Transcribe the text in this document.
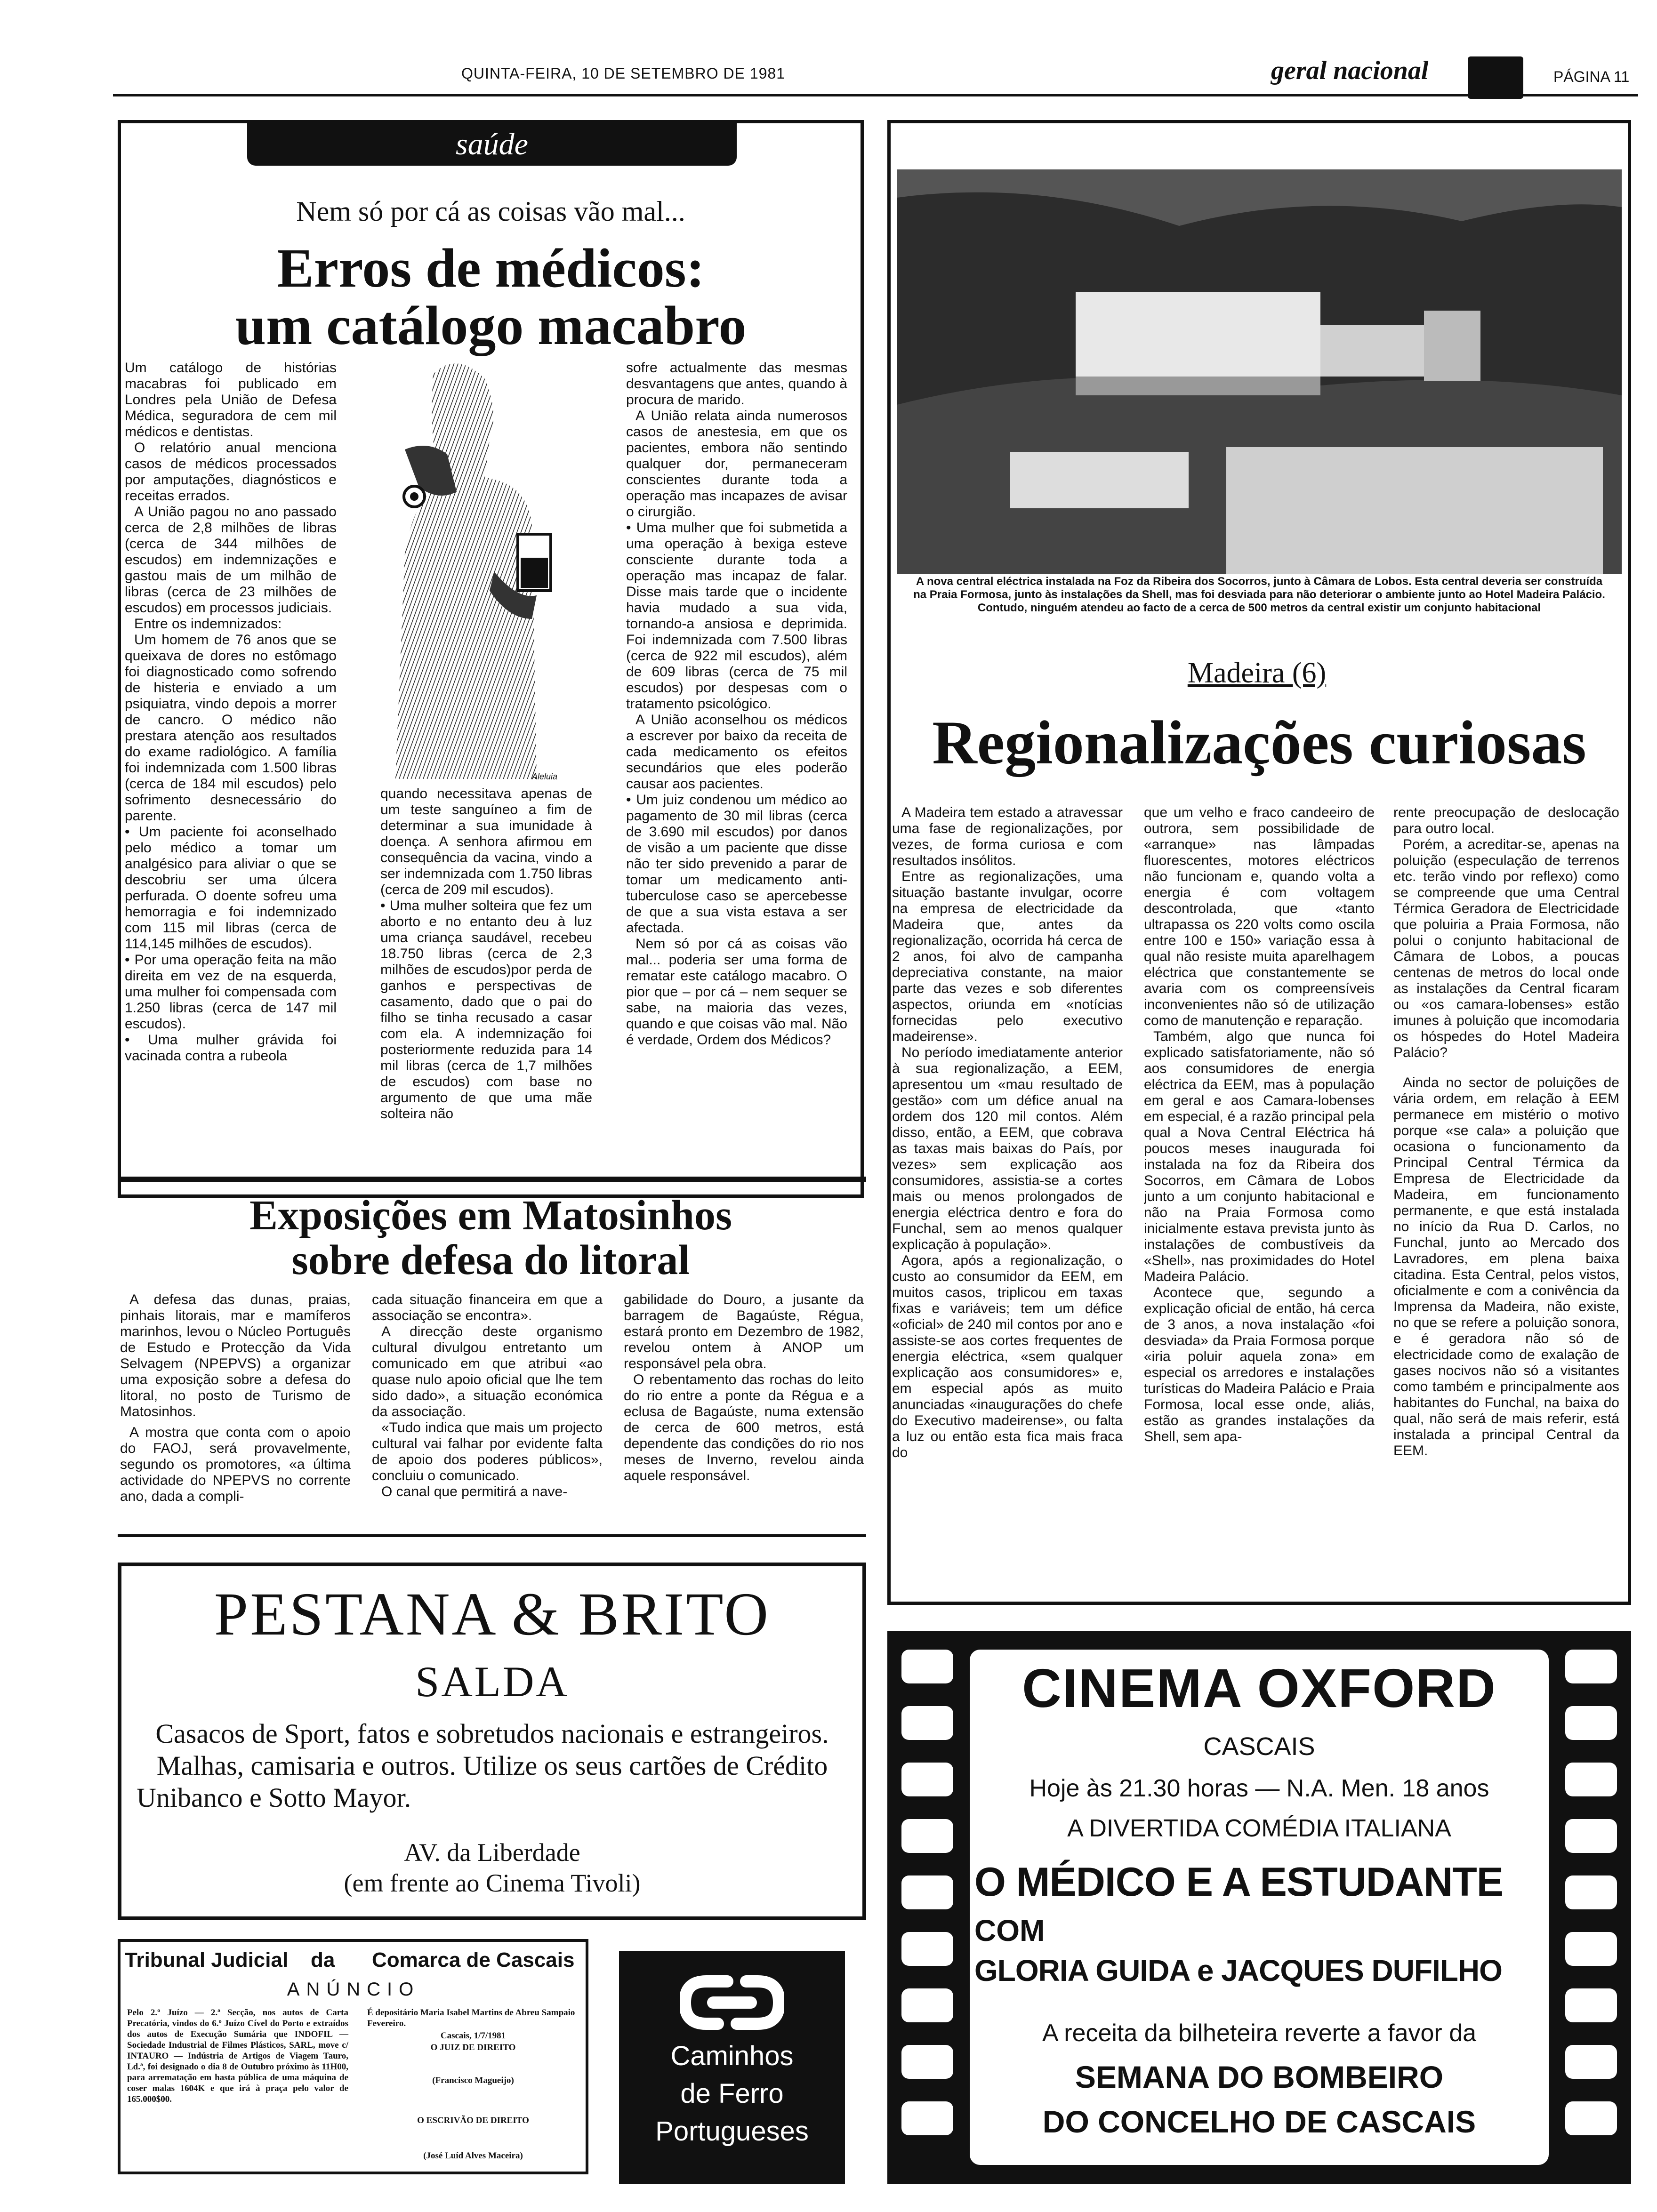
QUINTA-FEIRA, 10 DE SETEMBRO DE 1981	geral nacional	PÁGINA 11
saúde
Nem só por cá as coisas vão mal...
Erros de médicos:
um catálogo macabro

Um catálogo de histórias macabras foi publicado em Londres pela União de Defesa Médica, seguradora de cem mil médicos e dentistas.

O relatório anual menciona casos de médicos processados por amputações, diagnósticos e receitas errados.

A União pagou no ano passado cerca de 2,8 milhões de libras (cerca de 344 milhões de escudos) em indemnizações e gastou mais de um milhão de libras (cerca de 23 milhões de escudos) em processos judiciais.

Entre os indemnizados:

Um homem de 76 anos que se queixava de dores no estômago foi diagnosticado como sofrendo de histeria e enviado a um psiquiatra, vindo depois a morrer de cancro. O médico não prestara atenção aos resultados do exame radiológico. A família foi indemnizada com 1.500 libras (cerca de 184 mil escudos) pelo sofrimento desnecessário do parente.

• Um paciente foi aconselhado pelo médico a tomar um analgésico para aliviar o que se descobriu ser uma úlcera perfurada. O doente sofreu uma hemorragia e foi indemnizado com 115 mil libras (cerca de 114,145 milhões de escudos).

• Por uma operação feita na mão direita em vez de na esquerda, uma mulher foi compensada com 1.250 libras (cerca de 147 mil escudos).

• Uma mulher grávida foi vacinada contra a rubeola

Aleluia

quando necessitava apenas de um teste sanguíneo a fim de determinar a sua imunidade à doença. A senhora afirmou em consequência da vacina, vindo a ser indemnizada com 1.750 libras (cerca de 209 mil escudos).

• Uma mulher solteira que fez um aborto e no entanto deu à luz uma criança saudável, recebeu 18.750 libras (cerca de 2,3 milhões de escudos)por perda de ganhos e perspectivas de casamento, dado que o pai do filho se tinha recusado a casar com ela. A indemnização foi posteriormente reduzida para 14 mil libras (cerca de 1,7 milhões de escudos) com base no argumento de que uma mãe solteira não

sofre actualmente das mesmas desvantagens que antes, quando à procura de marido.

A União relata ainda numerosos casos de anestesia, em que os pacientes, embora não sentindo qualquer dor, permaneceram conscientes durante toda a operação mas incapazes de avisar o cirurgião.

• Uma mulher que foi submetida a uma operação à bexiga esteve consciente durante toda a operação mas incapaz de falar. Disse mais tarde que o incidente havia mudado a sua vida, tornando-a ansiosa e deprimida. Foi indemnizada com 7.500 libras (cerca de 922 mil escudos), além de 609 libras (cerca de 75 mil escudos) por despesas com o tratamento psicológico.

A União aconselhou os médicos a escrever por baixo da receita de cada medicamento os efeitos secundários que eles poderão causar aos pacientes.

• Um juiz condenou um médico ao pagamento de 30 mil libras (cerca de 3.690 mil escudos) por danos de visão a um paciente que disse não ter sido prevenido a parar de tomar um medicamento anti-tuberculose caso se apercebesse de que a sua vista estava a ser afectada.

Nem só por cá as coisas vão mal... poderia ser uma forma de rematar este catálogo macabro. O pior que – por cá – nem sequer se sabe, na maioria das vezes, quando e que coisas vão mal. Não é verdade, Ordem dos Médicos?

Exposições em Matosinhos
sobre defesa do litoral

A defesa das dunas, praias, pinhais litorais, mar e mamíferos marinhos, levou o Núcleo Português de Estudo e Protecção da Vida Selvagem (NPEPVS) a organizar uma exposição sobre a defesa do litoral, no posto de Turismo de Matosinhos.

A mostra que conta com o apoio do FAOJ, será provavelmente, segundo os promotores, «a última actividade do NPEPVS no corrente ano, dada a compli-

cada situação financeira em que a associação se encontra».

A direcção deste organismo cultural divulgou entretanto um comunicado em que atribui «ao quase nulo apoio oficial que lhe tem sido dado», a situação económica da associação.

«Tudo indica que mais um projecto cultural vai falhar por evidente falta de apoio dos poderes públicos», concluiu o comunicado.

O canal que permitirá a nave-

gabilidade do Douro, a jusante da barragem de Bagaúste, Régua, estará pronto em Dezembro de 1982, revelou ontem à ANOP um responsável pela obra.

O rebentamento das rochas do leito do rio entre a ponte da Régua e a eclusa de Bagaúste, numa extensão de cerca de 600 metros, está dependente das condições do rio nos meses de Inverno, revelou ainda aquele responsável.

A nova central eléctrica instalada na Foz da Ribeira dos Socorros, junto à Câmara de Lobos. Esta central deveria ser construída na Praia Formosa, junto às instalações da Shell, mas foi desviada para não deteriorar o ambiente junto ao Hotel Madeira Palácio. Contudo, ninguém atendeu ao facto de a cerca de 500 metros da central existir um conjunto habitacional
Madeira (6)
Regionalizações curiosas

A Madeira tem estado a atravessar uma fase de regionalizações, por vezes, de forma curiosa e com resultados insólitos.

Entre as regionalizações, uma situação bastante invulgar, ocorre na empresa de electricidade da Madeira que, antes da regionalização, ocorrida há cerca de 2 anos, foi alvo de campanha depreciativa constante, na maior parte das vezes e sob diferentes aspectos, oriunda em «notícias fornecidas pelo executivo madeirense».

No período imediatamente anterior à sua regionalização, a EEM, apresentou um «mau resultado de gestão» com um défice anual na ordem dos 120 mil contos. Além disso, então, a EEM, que cobrava as taxas mais baixas do País, por vezes» sem explicação aos consumidores, assistia-se a cortes mais ou menos prolongados de energia eléctrica dentro e fora do Funchal, sem ao menos qualquer explicação à população».

Agora, após a regionalização, o custo ao consumidor da EEM, em muitos casos, triplicou em taxas fixas e variáveis; tem um défice «oficial» de 240 mil contos por ano e assiste-se aos cortes frequentes de energia eléctrica, «sem qualquer explicação aos consumidores» e, em especial após as muito anunciadas «inaugurações do chefe do Executivo madeirense», ou falta a luz ou então esta fica mais fraca do

que um velho e fraco candeeiro de outrora, sem possibilidade de «arranque» nas lâmpadas fluorescentes, motores eléctricos não funcionam e, quando volta a energia é com voltagem descontrolada, que «tanto ultrapassa os 220 volts como oscila entre 100 e 150» variação essa à qual não resiste muita aparelhagem eléctrica que constantemente se avaria com os compreensíveis inconvenientes não só de utilização como de manutenção e reparação.

Também, algo que nunca foi explicado satisfatoriamente, não só aos consumidores de energia eléctrica da EEM, mas à população em geral e aos Camara-lobenses em especial, é a razão principal pela qual a Nova Central Eléctrica há poucos meses inaugurada foi instalada na foz da Ribeira dos Socorros, em Câmara de Lobos junto a um conjunto habitacional e não na Praia Formosa como inicialmente estava prevista junto às instalações de combustíveis da «Shell», nas proximidades do Hotel Madeira Palácio.

Acontece que, segundo a explicação oficial de então, há cerca de 3 anos, a nova instalação «foi desviada» da Praia Formosa porque «iria poluir aquela zona» em especial os arredores e instalações turísticas do Madeira Palácio e Praia Formosa, local esse onde, aliás, estão as grandes instalações da Shell, sem apa-

rente preocupação de deslocação para outro local.

Porém, a acreditar-se, apenas na poluição (especulação de terrenos etc. terão vindo por reflexo) como se compreende que uma Central Térmica Geradora de Electricidade que poluiria a Praia Formosa, não polui o conjunto habitacional de Câmara de Lobos, a poucas centenas de metros do local onde as instalações da Central ficaram ou «os camara-lobenses» estão imunes à poluição que incomodaria os hóspedes do Hotel Madeira Palácio?

Ainda no sector de poluições de vária ordem, em relação à EEM permanece em mistério o motivo porque «se cala» a poluição que ocasiona o funcionamento da Principal Central Térmica da Empresa de Electricidade da Madeira, em funcionamento permanente, e que está instalada no início da Rua D. Carlos, no Funchal, junto ao Mercado dos Lavradores, em plena baixa citadina. Esta Central, pelos vistos, oficialmente e com a conivência da Imprensa da Madeira, não existe, no que se refere a poluição sonora, e é geradora não só de electricidade como de exalação de gases nocivos não só a visitantes como também e principalmente aos habitantes do Funchal, na baixa do qual, não será de mais referir, está instalada a principal Central da EEM.

PESTANA & BRITO
SALDA
Casacos de Sport, fatos e sobretudos nacionais e estrangeiros.
Malhas, camisaria e outros. Utilize os seus cartões de Crédito
Unibanco e Sotto Mayor.
AV. da Liberdade
(em frente ao Cinema Tivoli)
Tribunal Judicial da Comarca de Cascais
ANÚNCIO
Pelo 2.º Juízo — 2.ª Secção, nos autos de Carta Precatória, vindos do 6.º Juízo Cível do Porto e extraídos dos autos de Execução Sumária que INDOFIL — Sociedade Industrial de Filmes Plásticos, SARL, move c/ INTAURO — Indústria de Artigos de Viagem Tauro, Ld.ª, foi designado o dia 8 de Outubro próximo às 11H00, para arrematação em hasta pública de uma máquina de coser malas 1604K e que irá à praça pelo valor de 165.000$00.
É depositário Maria Isabel Martins de Abreu Sampaio Fevereiro.
Cascais, 1/7/1981
O JUIZ DE DIREITO
(Francisco Magueijo)
O ESCRIVÃO DE DIREITO
(José Luíd Alves Maceira)
Caminhos
de Ferro
Portugueses
CINEMA OXFORD
CASCAIS
Hoje às 21.30 horas — N.A. Men. 18 anos
A DIVERTIDA COMÉDIA ITALIANA
O MÉDICO E A ESTUDANTE
COM
GLORIA GUIDA e JACQUES DUFILHO
A receita da bilheteira reverte a favor da
SEMANA DO BOMBEIRO
DO CONCELHO DE CASCAIS
